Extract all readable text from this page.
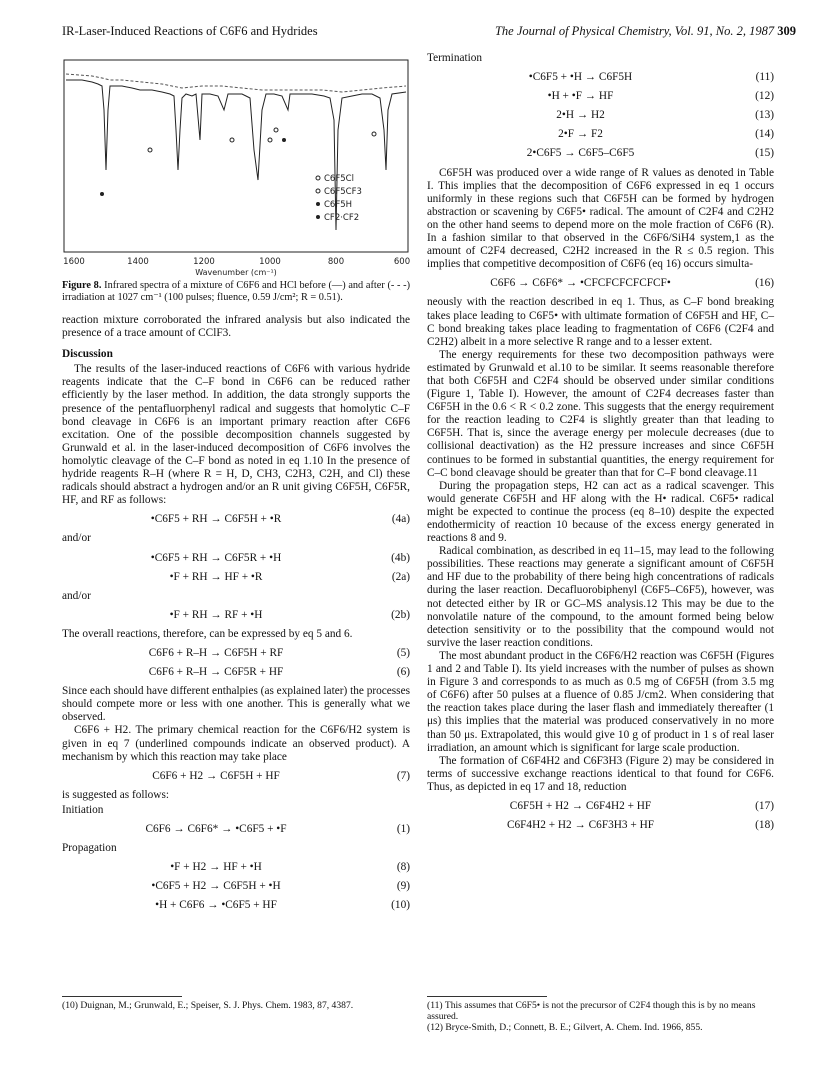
IR-Laser-Induced Reactions of C6F6 and Hydrides	The Journal of Physical Chemistry, Vol. 91, No. 2, 1987 309
C6F5Cl
C6F5CF3
C6F5H
CF2·CF2
1600	1400	1200	1000	800	600
Wavenumber (cm⁻¹)
Figure 8. Infrared spectra of a mixture of C6F6 and HCl before (—) and after (- - -) irradiation at 1027 cm⁻¹ (100 pulses; fluence, 0.59 J/cm²; R = 0.51).

reaction mixture corroborated the infrared analysis but also indicated the presence of a trace amount of CClF3.

Discussion

The results of the laser-induced reactions of C6F6 with various hydride reagents indicate that the C–F bond in C6F6 can be reduced rather efficiently by the laser method. In addition, the data strongly supports the presence of the pentafluorphenyl radical and suggests that homolytic C–F bond cleavage in C6F6 is an important primary reaction after C6F6 excitation. One of the possible decomposition channels suggested by Grunwald et al. in the laser-induced decomposition of C6F6 involves the homolytic cleavage of the C–F bond as noted in eq 1.10 In the presence of hydride reagents R–H (where R = H, D, CH3, C2H3, C2H, and Cl) these radicals should abstract a hydrogen and/or an R unit giving C6F5H, C6F5R, HF, and RF as follows:

•C6F5 + RH → C6F5H + •R	(4a)
and/or
•C6F5 + RH → C6F5R + •H	(4b)
•F + RH → HF + •R	(2a)
and/or
•F + RH → RF + •H	(2b)

The overall reactions, therefore, can be expressed by eq 5 and 6.

C6F6 + R–H → C6F5H + RF	(5)
C6F6 + R–H → C6F5R + HF	(6)

Since each should have different enthalpies (as explained later) the processes should compete more or less with one another. This is generally what we observed.

C6F6 + H2. The primary chemical reaction for the C6F6/H2 system is given in eq 7 (underlined compounds indicate an observed product). A mechanism by which this reaction may take place

C6F6 + H2 → C6F5H + HF	(7)

is suggested as follows:

Initiation
C6F6 → C6F6* → •C6F5 + •F	(1)
Propagation
•F + H2 → HF + •H	(8)
•C6F5 + H2 → C6F5H + •H	(9)
•H + C6F6 → •C6F5 + HF	(10)
(10) Duignan, M.; Grunwald, E.; Speiser, S. J. Phys. Chem. 1983, 87, 4387.
Termination
•C6F5 + •H → C6F5H	(11)
•H + •F → HF	(12)
2•H → H2	(13)
2•F → F2	(14)
2•C6F5 → C6F5–C6F5	(15)

C6F5H was produced over a wide range of R values as denoted in Table I. This implies that the decomposition of C6F6 expressed in eq 1 occurs uniformly in these regions such that C6F5H can be formed by hydrogen abstraction or scavening by C6F5• radical. The amount of C2F4 and C2H2 on the other hand seems to depend more on the mole fraction of C6F6 (R). In a fashion similar to that observed in the C6F6/SiH4 system,1 as the amount of C2F4 decreased, C2H2 increased in the R ≤ 0.5 region. This implies that competitive decomposition of C6F6 (eq 16) occurs simulta-

C6F6 → C6F6* → •CFCFCFCFCFCF•	(16)

neously with the reaction described in eq 1. Thus, as C–F bond breaking takes place leading to C6F5• with ultimate formation of C6F5H and HF, C–C bond breaking takes place leading to fragmentation of C6F6 (C2F4 and C2H2) albeit in a more selective R range and to a lesser extent.

The energy requirements for these two decomposition pathways were estimated by Grunwald et al.10 to be similar. It seems reasonable therefore that both C6F5H and C2F4 should be observed under similar conditions (Figure 1, Table I). However, the amount of C2F4 decreases faster than C6F5H in the 0.6 < R < 0.2 zone. This suggests that the energy requirement for the reaction leading to C2F4 is slightly greater than that leading to C6F5H. That is, since the average energy per molecule decreases (due to collisional deactivation) as the H2 pressure increases and since C6F5H continues to be formed in substantial quantities, the energy requirement for C–C bond cleavage should be greater than that for C–F bond cleavage.11

During the propagation steps, H2 can act as a radical scavenger. This would generate C6F5H and HF along with the H• radical. C6F5• radical might be expected to continue the process (eq 8–10) despite the expected endothermicity of reaction 10 because of the excess energy generated in reactions 8 and 9.

Radical combination, as described in eq 11–15, may lead to the following possibilities. These reactions may generate a significant amount of C6F5H and HF due to the probability of there being high concentrations of radicals during the laser reaction. Decafluorobiphenyl (C6F5–C6F5), however, was not detected either by IR or GC–MS analysis.12 This may be due to the nonvolatile nature of the compound, to the amount formed being below detection sensitivity or to the possibility that the compound would not survive the laser reaction conditions.

The most abundant product in the C6F6/H2 reaction was C6F5H (Figures 1 and 2 and Table I). Its yield increases with the number of pulses as shown in Figure 3 and corresponds to as much as 0.5 mg of C6F5H (from 3.5 mg of C6F6) after 50 pulses at a fluence of 0.85 J/cm2. When considering that the reaction takes place during the laser flash and immediately thereafter (1 μs) this implies that the material was produced conservatively in no more than 50 μs. Extrapolated, this would give 10 g of product in 1 s of real laser irradiation, an amount which is significant for large scale production.

The formation of C6F4H2 and C6F3H3 (Figure 2) may be considered in terms of successive exchange reactions identical to that found for C6F6. Thus, as depicted in eq 17 and 18, reduction

C6F5H + H2 → C6F4H2 + HF	(17)
C6F4H2 + H2 → C6F3H3 + HF	(18)
(11) This assumes that C6F5• is not the precursor of C2F4 though this is by no means assured.
(12) Bryce-Smith, D.; Connett, B. E.; Gilvert, A. Chem. Ind. 1966, 855.
